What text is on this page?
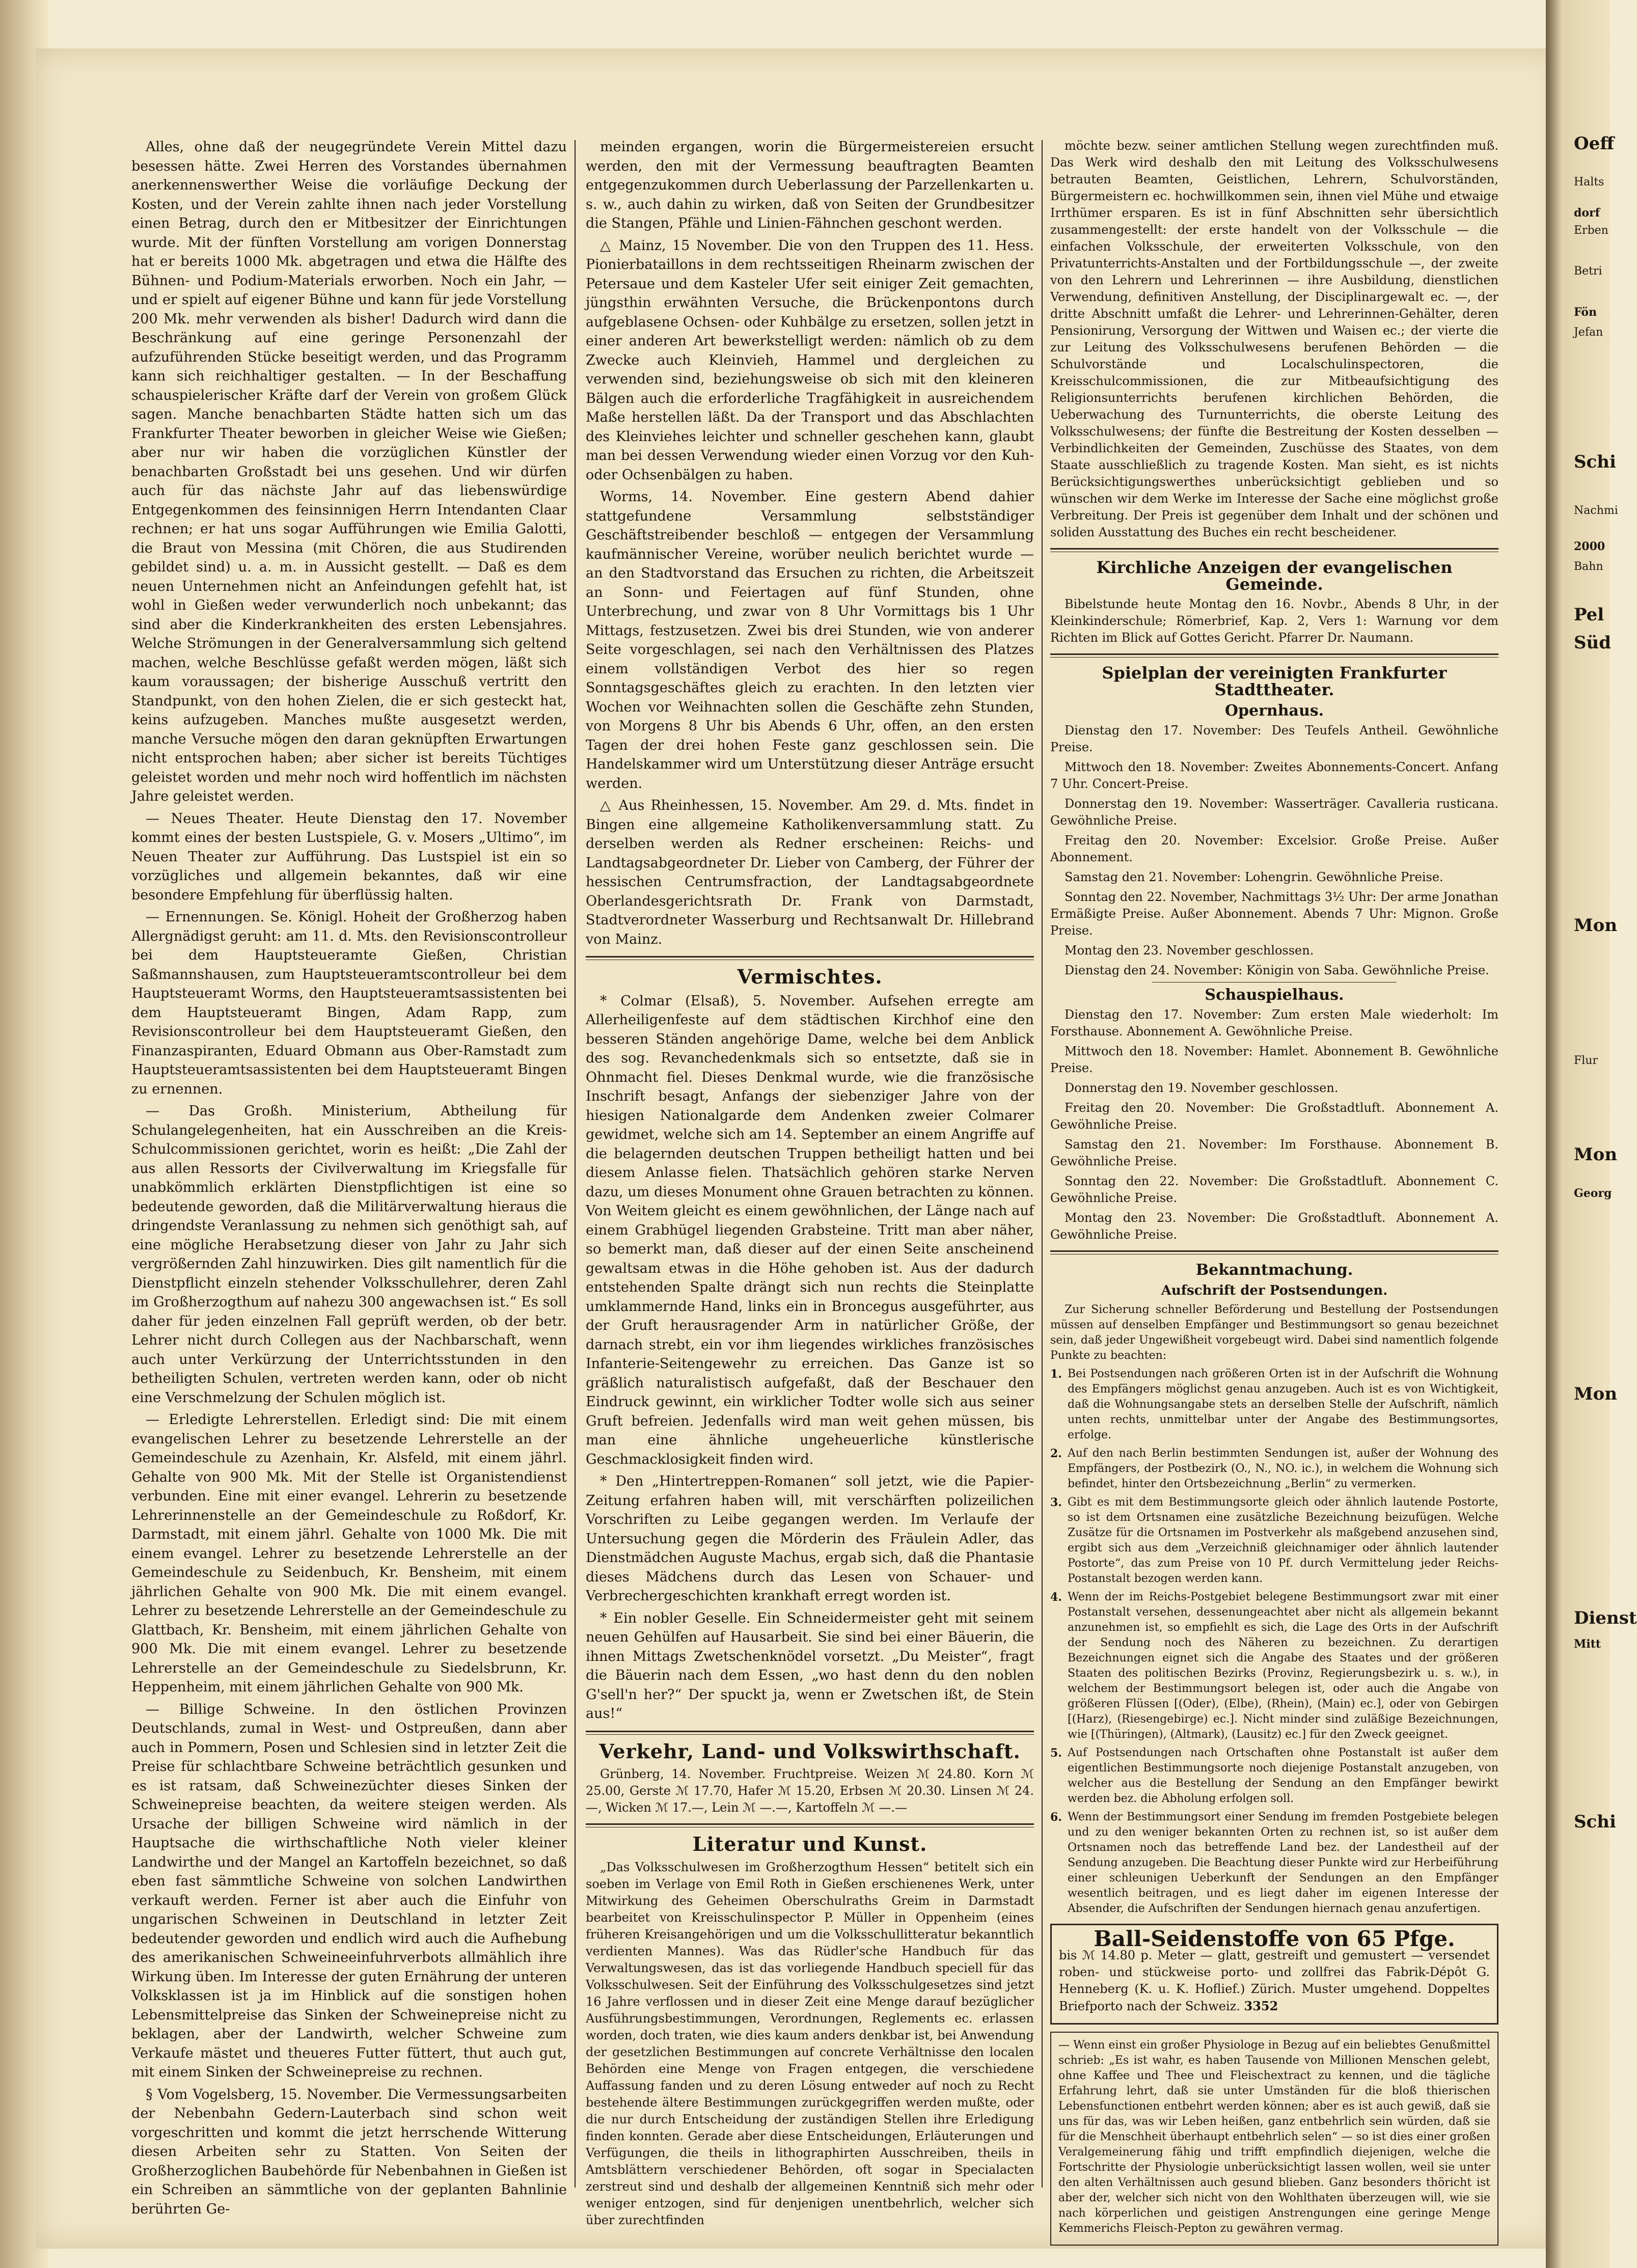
Alles, ohne daß der neugegründete Verein Mittel dazu besessen hätte. Zwei Herren des Vorstandes übernahmen anerkennenswerther Weise die vorläufige Deckung der Kosten, und der Verein zahlte ihnen nach jeder Vorstellung einen Betrag, durch den er Mitbesitzer der Einrichtungen wurde. Mit der fünften Vorstellung am vorigen Donnerstag hat er bereits 1000 Mk. abgetragen und etwa die Hälfte des Bühnen- und Podium-Materials erworben. Noch ein Jahr, — und er spielt auf eigener Bühne und kann für jede Vorstellung 200 Mk. mehr verwenden als bisher! Dadurch wird dann die Beschränkung auf eine geringe Personenzahl der aufzuführenden Stücke beseitigt werden, und das Programm kann sich reichhaltiger gestalten. — In der Beschaffung schauspielerischer Kräfte darf der Verein von großem Glück sagen. Manche benachbarten Städte hatten sich um das Frankfurter Theater beworben in gleicher Weise wie Gießen; aber nur wir haben die vorzüglichen Künstler der benachbarten Großstadt bei uns gesehen. Und wir dürfen auch für das nächste Jahr auf das liebenswürdige Entgegenkommen des feinsinnigen Herrn Intendanten Claar rechnen; er hat uns sogar Aufführungen wie Emilia Galotti, die Braut von Messina (mit Chören, die aus Studirenden gebildet sind) u. a. m. in Aussicht gestellt. — Daß es dem neuen Unternehmen nicht an Anfeindungen gefehlt hat, ist wohl in Gießen weder verwunderlich noch unbekannt; das sind aber die Kinderkrankheiten des ersten Lebensjahres. Welche Strömungen in der Generalversammlung sich geltend machen, welche Beschlüsse gefaßt werden mögen, läßt sich kaum voraussagen; der bisherige Ausschuß vertritt den Standpunkt, von den hohen Zielen, die er sich gesteckt hat, keins aufzugeben. Manches mußte ausgesetzt werden, manche Versuche mögen den daran geknüpften Erwartungen nicht entsprochen haben; aber sicher ist bereits Tüchtiges geleistet worden und mehr noch wird hoffentlich im nächsten Jahre geleistet werden.

— Neues Theater. Heute Dienstag den 17. November kommt eines der besten Lustspiele, G. v. Mosers „Ultimo“, im Neuen Theater zur Aufführung. Das Lustspiel ist ein so vorzügliches und allgemein bekanntes, daß wir eine besondere Empfehlung für überflüssig halten.

— Ernennungen. Se. Königl. Hoheit der Großherzog haben Allergnädigst geruht: am 11. d. Mts. den Revisionscontrolleur bei dem Hauptsteueramte Gießen, Christian Saßmannshausen, zum Hauptsteueramtscontrolleur bei dem Hauptsteueramt Worms, den Hauptsteueramtsassistenten bei dem Hauptsteueramt Bingen, Adam Rapp, zum Revisionscontrolleur bei dem Hauptsteueramt Gießen, den Finanzaspiranten, Eduard Obmann aus Ober-Ramstadt zum Hauptsteueramtsassistenten bei dem Hauptsteueramt Bingen zu ernennen.

— Das Großh. Ministerium, Abtheilung für Schulangelegenheiten, hat ein Ausschreiben an die Kreis-Schulcommissionen gerichtet, worin es heißt: „Die Zahl der aus allen Ressorts der Civilverwaltung im Kriegsfalle für unabkömmlich erklärten Dienstpflichtigen ist eine so bedeutende geworden, daß die Militärverwaltung hieraus die dringendste Veranlassung zu nehmen sich genöthigt sah, auf eine mögliche Herabsetzung dieser von Jahr zu Jahr sich vergrößernden Zahl hinzuwirken. Dies gilt namentlich für die Dienstpflicht einzeln stehender Volksschullehrer, deren Zahl im Großherzogthum auf nahezu 300 angewachsen ist.“ Es soll daher für jeden einzelnen Fall geprüft werden, ob der betr. Lehrer nicht durch Collegen aus der Nachbarschaft, wenn auch unter Verkürzung der Unterrichtsstunden in den betheiligten Schulen, vertreten werden kann, oder ob nicht eine Verschmelzung der Schulen möglich ist.

— Erledigte Lehrerstellen. Erledigt sind: Die mit einem evangelischen Lehrer zu besetzende Lehrerstelle an der Gemeindeschule zu Azenhain, Kr. Alsfeld, mit einem jährl. Gehalte von 900 Mk. Mit der Stelle ist Organistendienst verbunden. Eine mit einer evangel. Lehrerin zu besetzende Lehrerinnenstelle an der Gemeindeschule zu Roßdorf, Kr. Darmstadt, mit einem jährl. Gehalte von 1000 Mk. Die mit einem evangel. Lehrer zu besetzende Lehrerstelle an der Gemeindeschule zu Seidenbuch, Kr. Bensheim, mit einem jährlichen Gehalte von 900 Mk. Die mit einem evangel. Lehrer zu besetzende Lehrerstelle an der Gemeindeschule zu Glattbach, Kr. Bensheim, mit einem jährlichen Gehalte von 900 Mk. Die mit einem evangel. Lehrer zu besetzende Lehrerstelle an der Gemeindeschule zu Siedelsbrunn, Kr. Heppenheim, mit einem jährlichen Gehalte von 900 Mk.

— Billige Schweine. In den östlichen Provinzen Deutschlands, zumal in West- und Ostpreußen, dann aber auch in Pommern, Posen und Schlesien sind in letzter Zeit die Preise für schlachtbare Schweine beträchtlich gesunken und es ist ratsam, daß Schweinezüchter dieses Sinken der Schweinepreise beachten, da weitere steigen werden. Als Ursache der billigen Schweine wird nämlich in der Hauptsache die wirthschaftliche Noth vieler kleiner Landwirthe und der Mangel an Kartoffeln bezeichnet, so daß eben fast sämmtliche Schweine von solchen Landwirthen verkauft werden. Ferner ist aber auch die Einfuhr von ungarischen Schweinen in Deutschland in letzter Zeit bedeutender geworden und endlich wird auch die Aufhebung des amerikanischen Schweineeinfuhrverbots allmählich ihre Wirkung üben. Im Interesse der guten Ernährung der unteren Volksklassen ist ja im Hinblick auf die sonstigen hohen Lebensmittelpreise das Sinken der Schweinepreise nicht zu beklagen, aber der Landwirth, welcher Schweine zum Verkaufe mästet und theueres Futter füttert, thut auch gut, mit einem Sinken der Schweinepreise zu rechnen.

§ Vom Vogelsberg, 15. November. Die Vermessungsarbeiten der Nebenbahn Gedern-Lauterbach sind schon weit vorgeschritten und kommt die jetzt herrschende Witterung diesen Arbeiten sehr zu Statten. Von Seiten der Großherzoglichen Baubehörde für Nebenbahnen in Gießen ist ein Schreiben an sämmtliche von der geplanten Bahnlinie berührten Ge-

meinden ergangen, worin die Bürgermeistereien ersucht werden, den mit der Vermessung beauftragten Beamten entgegenzukommen durch Ueberlassung der Parzellenkarten u. s. w., auch dahin zu wirken, daß von Seiten der Grundbesitzer die Stangen, Pfähle und Linien-Fähnchen geschont werden.

△ Mainz, 15 November. Die von den Truppen des 11. Hess. Pionierbataillons in dem rechtsseitigen Rheinarm zwischen der Petersaue und dem Kasteler Ufer seit einiger Zeit gemachten, jüngsthin erwähnten Versuche, die Brückenpontons durch aufgeblasene Ochsen- oder Kuhbälge zu ersetzen, sollen jetzt in einer anderen Art bewerkstelligt werden: nämlich ob zu dem Zwecke auch Kleinvieh, Hammel und dergleichen zu verwenden sind, beziehungsweise ob sich mit den kleineren Bälgen auch die erforderliche Tragfähigkeit in ausreichendem Maße herstellen läßt. Da der Transport und das Abschlachten des Kleinviehes leichter und schneller geschehen kann, glaubt man bei dessen Verwendung wieder einen Vorzug vor den Kuh- oder Ochsenbälgen zu haben.

Worms, 14. November. Eine gestern Abend dahier stattgefundene Versammlung selbstständiger Geschäftstreibender beschloß — entgegen der Versammlung kaufmännischer Vereine, worüber neulich berichtet wurde — an den Stadtvorstand das Ersuchen zu richten, die Arbeitszeit an Sonn- und Feiertagen auf fünf Stunden, ohne Unterbrechung, und zwar von 8 Uhr Vormittags bis 1 Uhr Mittags, festzusetzen. Zwei bis drei Stunden, wie von anderer Seite vorgeschlagen, sei nach den Verhältnissen des Platzes einem vollständigen Verbot des hier so regen Sonntagsgeschäftes gleich zu erachten. In den letzten vier Wochen vor Weihnachten sollen die Geschäfte zehn Stunden, von Morgens 8 Uhr bis Abends 6 Uhr, offen, an den ersten Tagen der drei hohen Feste ganz geschlossen sein. Die Handelskammer wird um Unterstützung dieser Anträge ersucht werden.

△ Aus Rheinhessen, 15. November. Am 29. d. Mts. findet in Bingen eine allgemeine Katholikenversammlung statt. Zu derselben werden als Redner erscheinen: Reichs- und Landtagsabgeordneter Dr. Lieber von Camberg, der Führer der hessischen Centrumsfraction, der Landtagsabgeordnete Oberlandesgerichtsrath Dr. Frank von Darmstadt, Stadtverordneter Wasserburg und Rechtsanwalt Dr. Hillebrand von Mainz.

Vermischtes.

* Colmar (Elsaß), 5. November. Aufsehen erregte am Allerheiligenfeste auf dem städtischen Kirchhof eine den besseren Ständen angehörige Dame, welche bei dem Anblick des sog. Revanchedenkmals sich so entsetzte, daß sie in Ohnmacht fiel. Dieses Denkmal wurde, wie die französische Inschrift besagt, Anfangs der siebenziger Jahre von der hiesigen Nationalgarde dem Andenken zweier Colmarer gewidmet, welche sich am 14. September an einem Angriffe auf die belagernden deutschen Truppen betheiligt hatten und bei diesem Anlasse fielen. Thatsächlich gehören starke Nerven dazu, um dieses Monument ohne Grauen betrachten zu können. Von Weitem gleicht es einem gewöhnlichen, der Länge nach auf einem Grabhügel liegenden Grabsteine. Tritt man aber näher, so bemerkt man, daß dieser auf der einen Seite anscheinend gewaltsam etwas in die Höhe gehoben ist. Aus der dadurch entstehenden Spalte drängt sich nun rechts die Steinplatte umklammernde Hand, links ein in Broncegus ausgeführter, aus der Gruft herausragender Arm in natürlicher Größe, der darnach strebt, ein vor ihm liegendes wirkliches französisches Infanterie-Seitengewehr zu erreichen. Das Ganze ist so gräßlich naturalistisch aufgefaßt, daß der Beschauer den Eindruck gewinnt, ein wirklicher Todter wolle sich aus seiner Gruft befreien. Jedenfalls wird man weit gehen müssen, bis man eine ähnliche ungeheuerliche künstlerische Geschmacklosigkeit finden wird.

* Den „Hintertreppen-Romanen“ soll jetzt, wie die Papier-Zeitung erfahren haben will, mit verschärften polizeilichen Vorschriften zu Leibe gegangen werden. Im Verlaufe der Untersuchung gegen die Mörderin des Fräulein Adler, das Dienstmädchen Auguste Machus, ergab sich, daß die Phantasie dieses Mädchens durch das Lesen von Schauer- und Verbrechergeschichten krankhaft erregt worden ist.

* Ein nobler Geselle. Ein Schneidermeister geht mit seinem neuen Gehülfen auf Hausarbeit. Sie sind bei einer Bäuerin, die ihnen Mittags Zwetschenknödel vorsetzt. „Du Meister“, fragt die Bäuerin nach dem Essen, „wo hast denn du den noblen G'sell'n her?“ Der spuckt ja, wenn er Zwetschen ißt, de Stein aus!“

Verkehr, Land- und Volkswirthschaft.

Grünberg, 14. November. Fruchtpreise. Weizen ℳ 24.80. Korn ℳ 25.00, Gerste ℳ 17.70, Hafer ℳ 15.20, Erbsen ℳ 20.30. Linsen ℳ 24.—, Wicken ℳ 17.—, Lein ℳ —.—, Kartoffeln ℳ —.—

Literatur und Kunst.

„Das Volksschulwesen im Großherzogthum Hessen“ betitelt sich ein soeben im Verlage von Emil Roth in Gießen erschienenes Werk, unter Mitwirkung des Geheimen Oberschulraths Greim in Darmstadt bearbeitet von Kreisschulinspector P. Müller in Oppenheim (eines früheren Kreisangehörigen und um die Volksschullitteratur bekanntlich verdienten Mannes). Was das Rüdler'sche Handbuch für das Verwaltungswesen, das ist das vorliegende Handbuch speciell für das Volksschulwesen. Seit der Einführung des Volksschulgesetzes sind jetzt 16 Jahre verflossen und in dieser Zeit eine Menge darauf bezüglicher Ausführungsbestimmungen, Verordnungen, Reglements ec. erlassen worden, doch traten, wie dies kaum anders denkbar ist, bei Anwendung der gesetzlichen Bestimmungen auf concrete Verhältnisse den localen Behörden eine Menge von Fragen entgegen, die verschiedene Auffassung fanden und zu deren Lösung entweder auf noch zu Recht bestehende ältere Bestimmungen zurückgegriffen werden mußte, oder die nur durch Entscheidung der zuständigen Stellen ihre Erledigung finden konnten. Gerade aber diese Entscheidungen, Erläuterungen und Verfügungen, die theils in lithographirten Ausschreiben, theils in Amtsblättern verschiedener Behörden, oft sogar in Specialacten zerstreut sind und deshalb der allgemeinen Kenntniß sich mehr oder weniger entzogen, sind für denjenigen unentbehrlich, welcher sich über zurechtfinden

möchte bezw. seiner amtlichen Stellung wegen zurechtfinden muß. Das Werk wird deshalb den mit Leitung des Volksschulwesens betrauten Beamten, Geistlichen, Lehrern, Schulvorständen, Bürgermeistern ec. hochwillkommen sein, ihnen viel Mühe und etwaige Irrthümer ersparen. Es ist in fünf Abschnitten sehr übersichtlich zusammengestellt: der erste handelt von der Volksschule — die einfachen Volksschule, der erweiterten Volksschule, von den Privatunterrichts-Anstalten und der Fortbildungsschule —, der zweite von den Lehrern und Lehrerinnen — ihre Ausbildung, dienstlichen Verwendung, definitiven Anstellung, der Disciplinargewalt ec. —, der dritte Abschnitt umfaßt die Lehrer- und Lehrerinnen-Gehälter, deren Pensionirung, Versorgung der Wittwen und Waisen ec.; der vierte die zur Leitung des Volksschulwesens berufenen Behörden — die Schulvorstände und Localschulinspectoren, die Kreisschulcommissionen, die zur Mitbeaufsichtigung des Religionsunterrichts berufenen kirchlichen Behörden, die Ueberwachung des Turnunterrichts, die oberste Leitung des Volksschulwesens; der fünfte die Bestreitung der Kosten desselben — Verbindlichkeiten der Gemeinden, Zuschüsse des Staates, von dem Staate ausschließlich zu tragende Kosten. Man sieht, es ist nichts Berücksichtigungswerthes unberücksichtigt geblieben und so wünschen wir dem Werke im Interesse der Sache eine möglichst große Verbreitung. Der Preis ist gegenüber dem Inhalt und der schönen und soliden Ausstattung des Buches ein recht bescheidener.

Kirchliche Anzeigen der evangelischen Gemeinde.

Bibelstunde heute Montag den 16. Novbr., Abends 8 Uhr, in der Kleinkinderschule; Römerbrief, Kap. 2, Vers 1: Warnung vor dem Richten im Blick auf Gottes Gericht. Pfarrer Dr. Naumann.

Spielplan der vereinigten Frankfurter Stadttheater.
Opernhaus.

Dienstag den 17. November: Des Teufels Antheil. Gewöhnliche Preise.

Mittwoch den 18. November: Zweites Abonnements-Concert. Anfang 7 Uhr. Concert-Preise.

Donnerstag den 19. November: Wasserträger. Cavalleria rusticana. Gewöhnliche Preise.

Freitag den 20. November: Excelsior. Große Preise. Außer Abonnement.

Samstag den 21. November: Lohengrin. Gewöhnliche Preise.

Sonntag den 22. November, Nachmittags 3½ Uhr: Der arme Jonathan Ermäßigte Preise. Außer Abonnement. Abends 7 Uhr: Mignon. Große Preise.

Montag den 23. November geschlossen.

Dienstag den 24. November: Königin von Saba. Gewöhnliche Preise.

Schauspielhaus.

Dienstag den 17. November: Zum ersten Male wiederholt: Im Forsthause. Abonnement A. Gewöhnliche Preise.

Mittwoch den 18. November: Hamlet. Abonnement B. Gewöhnliche Preise.

Donnerstag den 19. November geschlossen.

Freitag den 20. November: Die Großstadtluft. Abonnement A. Gewöhnliche Preise.

Samstag den 21. November: Im Forsthause. Abonnement B. Gewöhnliche Preise.

Sonntag den 22. November: Die Großstadtluft. Abonnement C. Gewöhnliche Preise.

Montag den 23. November: Die Großstadtluft. Abonnement A. Gewöhnliche Preise.

Bekanntmachung.
Aufschrift der Postsendungen.

Zur Sicherung schneller Beförderung und Bestellung der Postsendungen müssen auf denselben Empfänger und Bestimmungsort so genau bezeichnet sein, daß jeder Ungewißheit vorgebeugt wird. Dabei sind namentlich folgende Punkte zu beachten:

1. Bei Postsendungen nach größeren Orten ist in der Aufschrift die Wohnung des Empfängers möglichst genau anzugeben. Auch ist es von Wichtigkeit, daß die Wohnungsangabe stets an derselben Stelle der Aufschrift, nämlich unten rechts, unmittelbar unter der Angabe des Bestimmungsortes, erfolge.

2. Auf den nach Berlin bestimmten Sendungen ist, außer der Wohnung des Empfängers, der Postbezirk (O., N., NO. ic.), in welchem die Wohnung sich befindet, hinter den Ortsbezeichnung „Berlin“ zu vermerken.

3. Gibt es mit dem Bestimmungsorte gleich oder ähnlich lautende Postorte, so ist dem Ortsnamen eine zusätzliche Bezeichnung beizufügen. Welche Zusätze für die Ortsnamen im Postverkehr als maßgebend anzusehen sind, ergibt sich aus dem „Verzeichniß gleichnamiger oder ähnlich lautender Postorte“, das zum Preise von 10 Pf. durch Vermittelung jeder Reichs-Postanstalt bezogen werden kann.

4. Wenn der im Reichs-Postgebiet belegene Bestimmungsort zwar mit einer Postanstalt versehen, dessenungeachtet aber nicht als allgemein bekannt anzunehmen ist, so empfiehlt es sich, die Lage des Orts in der Aufschrift der Sendung noch des Näheren zu bezeichnen. Zu derartigen Bezeichnungen eignet sich die Angabe des Staates und der größeren Staaten des politischen Bezirks (Provinz, Regierungsbezirk u. s. w.), in welchem der Bestimmungsort belegen ist, oder auch die Angabe von größeren Flüssen [(Oder), (Elbe), (Rhein), (Main) ec.], oder von Gebirgen [(Harz), (Riesengebirge) ec.]. Nicht minder sind zuläßige Bezeichnungen, wie [(Thüringen), (Altmark), (Lausitz) ec.] für den Zweck geeignet.

5. Auf Postsendungen nach Ortschaften ohne Postanstalt ist außer dem eigentlichen Bestimmungsorte noch diejenige Postanstalt anzugeben, von welcher aus die Bestellung der Sendung an den Empfänger bewirkt werden bez. die Abholung erfolgen soll.

6. Wenn der Bestimmungsort einer Sendung im fremden Postgebiete belegen und zu den weniger bekannten Orten zu rechnen ist, so ist außer dem Ortsnamen noch das betreffende Land bez. der Landestheil auf der Sendung anzugeben. Die Beachtung dieser Punkte wird zur Herbeiführung einer schleunigen Ueberkunft der Sendungen an den Empfänger wesentlich beitragen, und es liegt daher im eigenen Interesse der Absender, die Aufschriften der Sendungen hiernach genau anzufertigen.

Ball-Seidenstoffe von 65 Pfge.

bis ℳ 14.80 p. Meter — glatt, gestreift und gemustert — versendet roben- und stückweise porto- und zollfrei das Fabrik-Dépôt G. Henneberg (K. u. K. Hoflief.) Zürich. Muster umgehend. Doppeltes Briefporto nach der Schweiz. 3352

— Wenn einst ein großer Physiologe in Bezug auf ein beliebtes Genußmittel schrieb: „Es ist wahr, es haben Tausende von Millionen Menschen gelebt, ohne Kaffee und Thee und Fleischextract zu kennen, und die tägliche Erfahrung lehrt, daß sie unter Umständen für die bloß thierischen Lebensfunctionen entbehrt werden können; aber es ist auch gewiß, daß sie uns für das, was wir Leben heißen, ganz entbehrlich sein würden, daß sie für die Menschheit überhaupt entbehrlich selen“ — so ist dies einer großen Veralgemeinerung fähig und trifft empfindlich diejenigen, welche die Fortschritte der Physiologie unberücksichtigt lassen wollen, weil sie unter den alten Verhältnissen auch gesund blieben. Ganz besonders thöricht ist aber der, welcher sich nicht von den Wohlthaten überzeugen will, wie sie nach körperlichen und geistigen Anstrengungen eine geringe Menge Kemmerichs Fleisch-Pepton zu gewähren vermag.

Oeff
Halts
Erben
dorf
Betri
Fön
Jefan
Schi
Nachmi
2000
Bahn
Pel
Süd
Mon
Flur
Mon
Georg
Mon
Dienst
Mitt
Schi
